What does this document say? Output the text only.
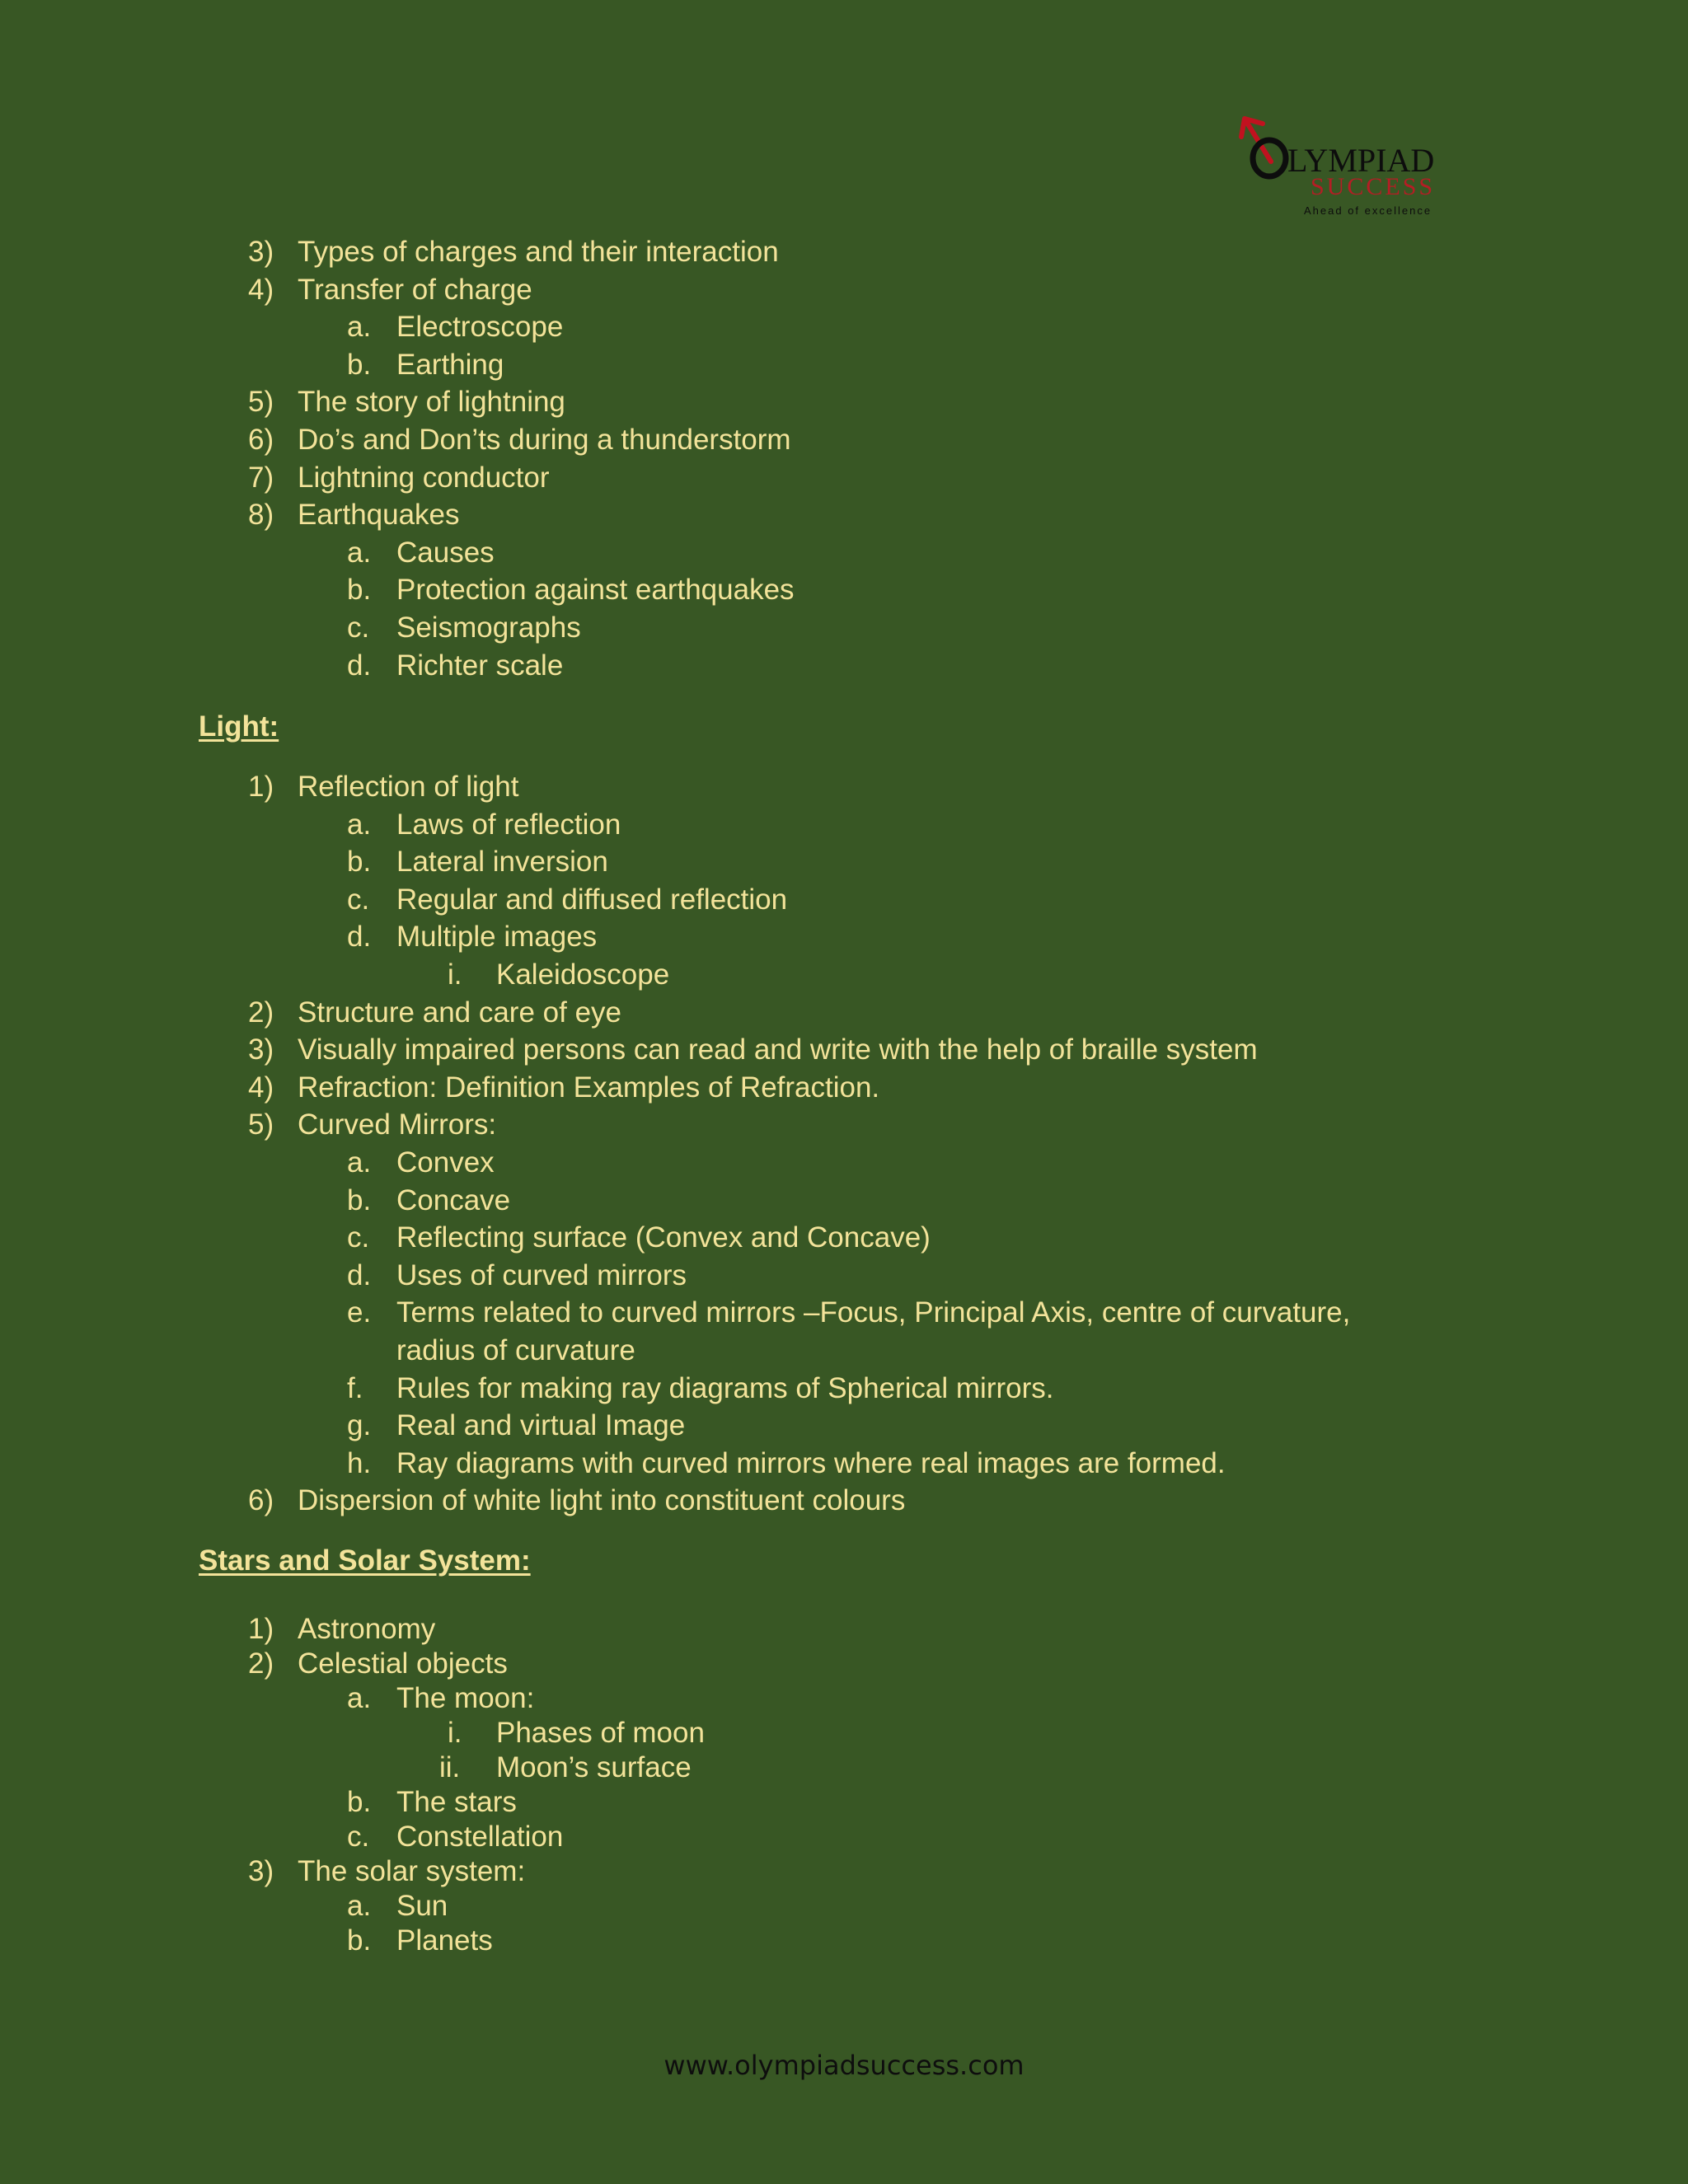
LYMPIAD
SUCCESS
Ahead of excellence
3) Types of charges and their interaction
4) Transfer of charge
a. Electroscope
b. Earthing
5) The story of lightning
6) Do’s and Don’ts during a thunderstorm
7) Lightning conductor
8) Earthquakes
a. Causes
b. Protection against earthquakes
c. Seismographs
d. Richter scale
Light:
1) Reflection of light
a. Laws of reflection
b. Lateral inversion
c. Regular and diffused reflection
d. Multiple images
i. Kaleidoscope
2) Structure and care of eye
3) Visually impaired persons can read and write with the help of braille system
4) Refraction: Definition Examples of Refraction.
5) Curved Mirrors:
a. Convex
b. Concave
c. Reflecting surface (Convex and Concave)
d. Uses of curved mirrors
e. Terms related to curved mirrors –Focus, Principal Axis, centre of curvature,
radius of curvature
f. Rules for making ray diagrams of Spherical mirrors.
g. Real and virtual Image
h. Ray diagrams with curved mirrors where real images are formed.
6) Dispersion of white light into constituent colours
Stars and Solar System:
1) Astronomy
2) Celestial objects
a. The moon:
i. Phases of moon
ii. Moon’s surface
b. The stars
c. Constellation
3) The solar system:
a. Sun
b. Planets
www.olympiadsuccess.com
